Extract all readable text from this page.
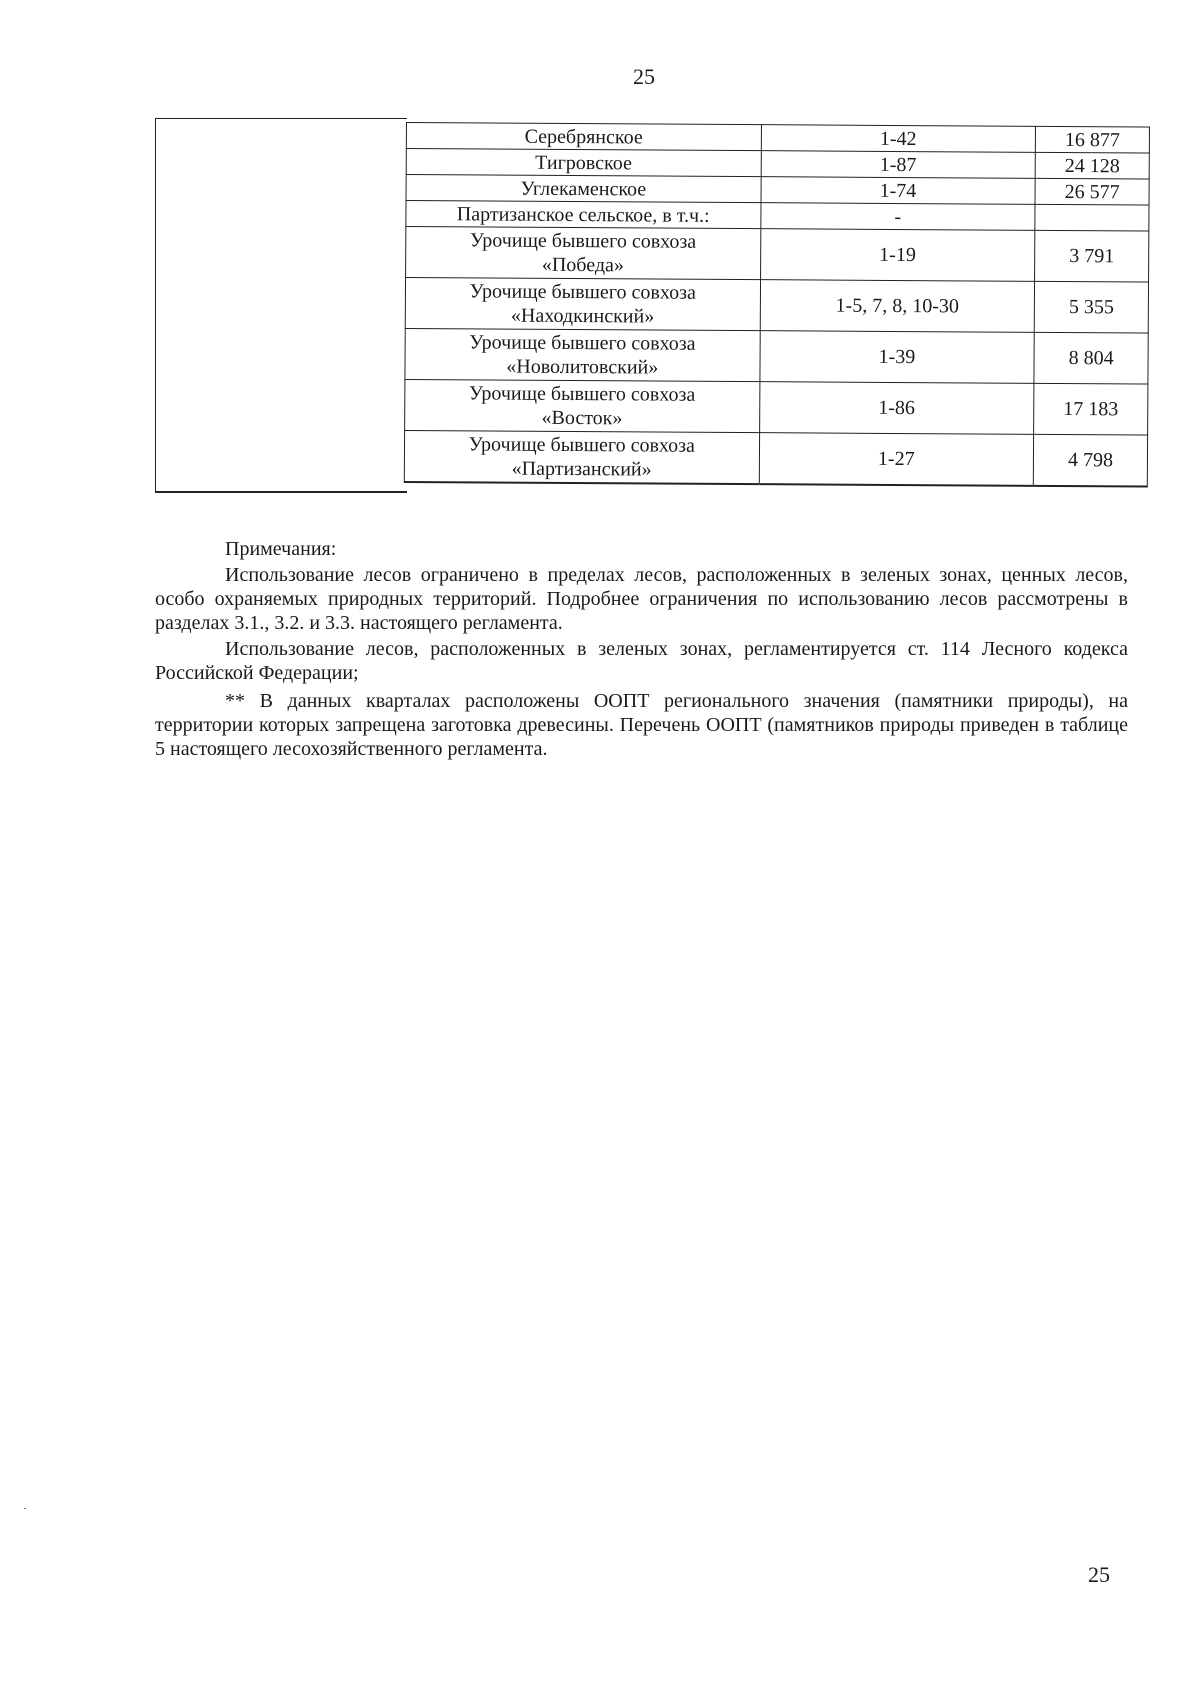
25
Серебрянское	1-42	16 877
Тигровское	1-87	24 128
Углекаменское	1-74	26 577
Партизанское сельское, в т.ч.:	-	
Урочище бывшего совхоза
«Победа»	1-19	3 791
Урочище бывшего совхоза
«Находкинский»	1-5, 7, 8, 10-30	5 355
Урочище бывшего совхоза
«Новолитовский»	1-39	8 804
Урочище бывшего совхоза
«Восток»	1-86	17 183
Урочище бывшего совхоза
«Партизанский»	1-27	4 798

Примечания:

Использование лесов ограничено в пределах лесов, расположенных в зеленых зонах, ценных лесов, особо охраняемых природных территорий. Подробнее ограничения по использованию лесов рассмотрены в разделах 3.1., 3.2. и 3.3. настоящего регламента.

Использование лесов, расположенных в зеленых зонах, регламентируется ст. 114 Лесного кодекса Российской Федерации;

** В данных кварталах расположены ООПТ регионального значения (памятники природы), на территории которых запрещена заготовка древесины. Перечень ООПТ (памятников природы приведен в таблице 5 настоящего лесохозяйственного регламента.

25
